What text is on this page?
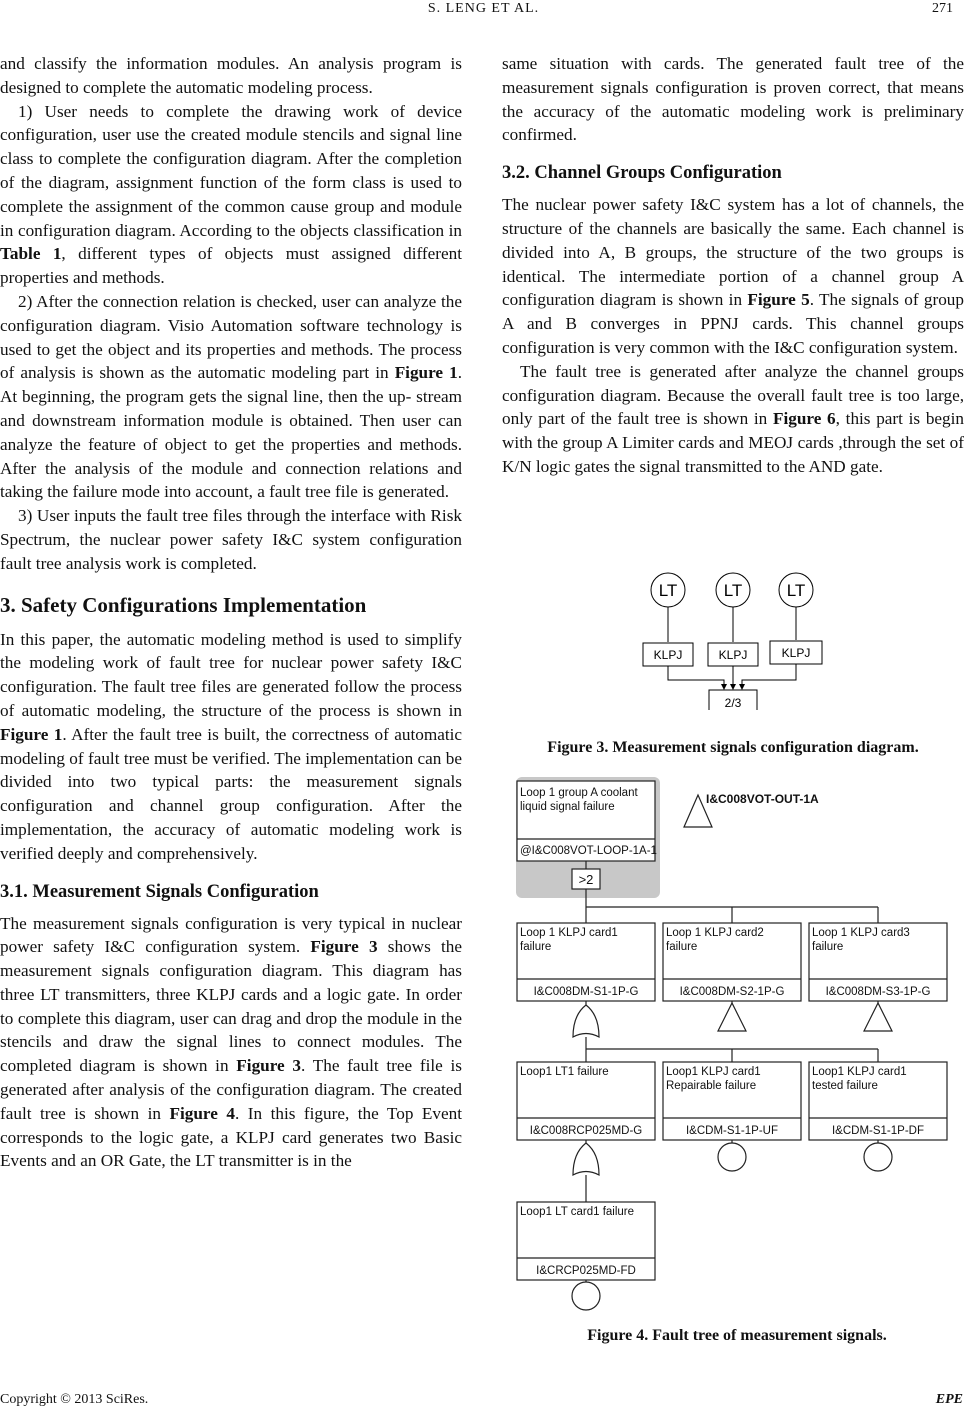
S. LENG ET AL.	271

and classify the information modules. An analysis program is designed to complete the automatic modeling process.

1) User needs to complete the drawing work of device configuration, user use the created module stencils and signal line class to complete the configuration diagram. After the completion of the diagram, assignment function of the form class is used to complete the assignment of the common cause group and module in configuration diagram. According to the objects classification in Table 1, different types of objects must assigned different properties and methods.

2) After the connection relation is checked, user can analyze the configuration diagram. Visio Automation software technology is used to get the object and its properties and methods. The process of analysis is shown as the automatic modeling part in Figure 1. At beginning, the program gets the signal line, then the up- stream and downstream information module is obtained. Then user can analyze the feature of object to get the properties and methods. After the analysis of the module and connection relations and taking the failure mode into account, a fault tree file is generated.

3) User inputs the fault tree files through the interface with Risk Spectrum, the nuclear power safety I&C system configuration fault tree analysis work is completed.

3. Safety Configurations Implementation

In this paper, the automatic modeling method is used to simplify the modeling work of fault tree for nuclear power safety I&C configuration. The fault tree files are generated follow the process of automatic modeling, the structure of the process is shown in Figure 1. After the fault tree is built, the correctness of automatic modeling of fault tree must be verified. The implementation can be divided into two typical parts: the measurement signals configuration and channel group configuration. After the implementation, the accuracy of automatic modeling work is verified deeply and comprehensively.

3.1. Measurement Signals Configuration

The measurement signals configuration is very typical in nuclear power safety I&C configuration system. Figure 3 shows the measurement signals configuration diagram. This diagram has three LT transmitters, three KLPJ cards and a logic gate. In order to complete this diagram, user can drag and drop the module in the stencils and draw the signal lines to connect modules. The completed diagram is shown in Figure 3. The fault tree file is generated after analysis of the configuration diagram. The created fault tree is shown in Figure 4. In this figure, the Top Event corresponds to the logic gate, a KLPJ card generates two Basic Events and an OR Gate, the LT transmitter is in the

same situation with cards. The generated fault tree of the measurement signals configuration is proven correct, that means the accuracy of the automatic modeling work is preliminary confirmed.

3.2. Channel Groups Configuration

The nuclear power safety I&C system has a lot of channels, the structure of the channels are basically the same. Each channel is divided into A, B groups, the structure of the two groups is identical. The intermediate portion of a channel group A configuration diagram is shown in Figure 5. The signals of group A and B converges in PPNJ cards. This channel groups configuration is very common with the I&C configuration system.

The fault tree is generated after analyze the channel groups configuration diagram. Because the overall fault tree is too large, only part of the fault tree is shown in Figure 6, this part is begin with the group A Limiter cards and MEOJ cards ,through the set of K/N logic gates the signal transmitted to the AND gate.

LT	LT	LT
KLPJ	KLPJ	KLPJ
2/3
Figure 3. Measurement signals configuration diagram.
Loop 1 group A coolant liquid signal failure
@I&C008VOT-LOOP-1A-1
>2
I&C008VOT-OUT-1A
Loop 1 KLPJ card1 failure
I&C008DM-S1-1P-G
Loop 1 KLPJ card2 failure
I&C008DM-S2-1P-G
Loop 1 KLPJ card3 failure
I&C008DM-S3-1P-G
Loop1 LT1 failure
I&C008RCP025MD-G
Loop1 KLPJ card1 Repairable failure
I&CDM-S1-1P-UF
Loop1 KLPJ card1 tested failure
I&CDM-S1-1P-DF
Loop1 LT card1 failure
I&CRCP025MD-FD
Figure 4. Fault tree of measurement signals.
Copyright © 2013 SciRes.	EPE
